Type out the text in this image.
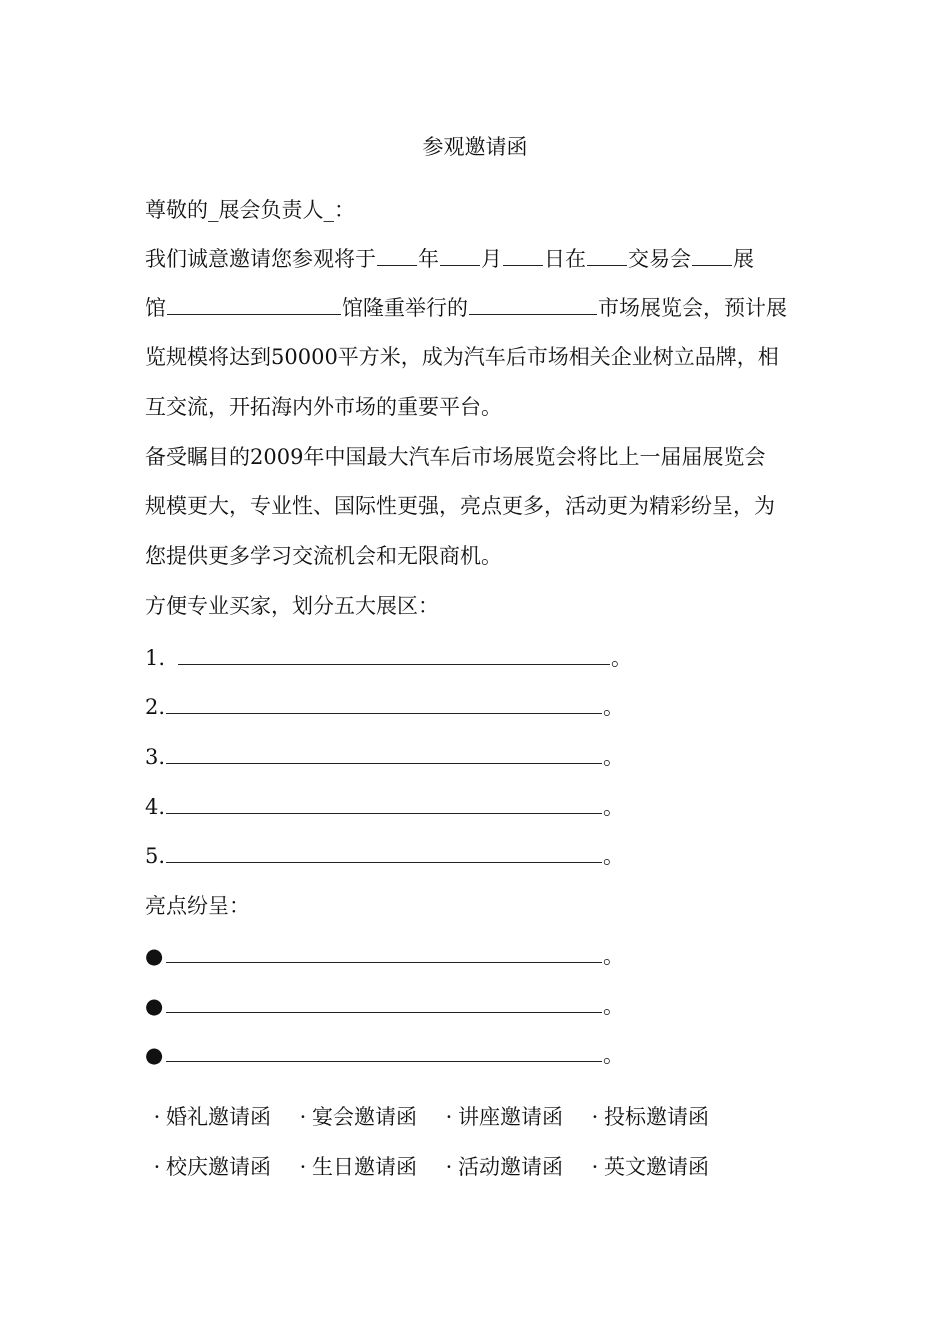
参观邀请函
尊敬的_展会负责人_：
我们诚意邀请您参观将于 年 月 日在 交易会 展
馆	馆隆重举行的	市场展览会，预计展
览规模将达到50000平方米，成为汽车后市场相关企业树立品牌，相
互交流，开拓海内外市场的重要平台。
备受瞩目的2009年中国最大汽车后市场展览会将比上一届届展览会
规模更大，专业性、国际性更强，亮点更多，活动更为精彩纷呈，为
您提供更多学习交流机会和无限商机。
方便专业买家，划分五大展区：
1.	。
2.	。
3.	。
4.	。
5.	。
亮点纷呈：
●	。
●	。
●	。
· 婚礼邀请函 · 宴会邀请函 · 讲座邀请函 · 投标邀请函
· 校庆邀请函 · 生日邀请函 · 活动邀请函 · 英文邀请函
